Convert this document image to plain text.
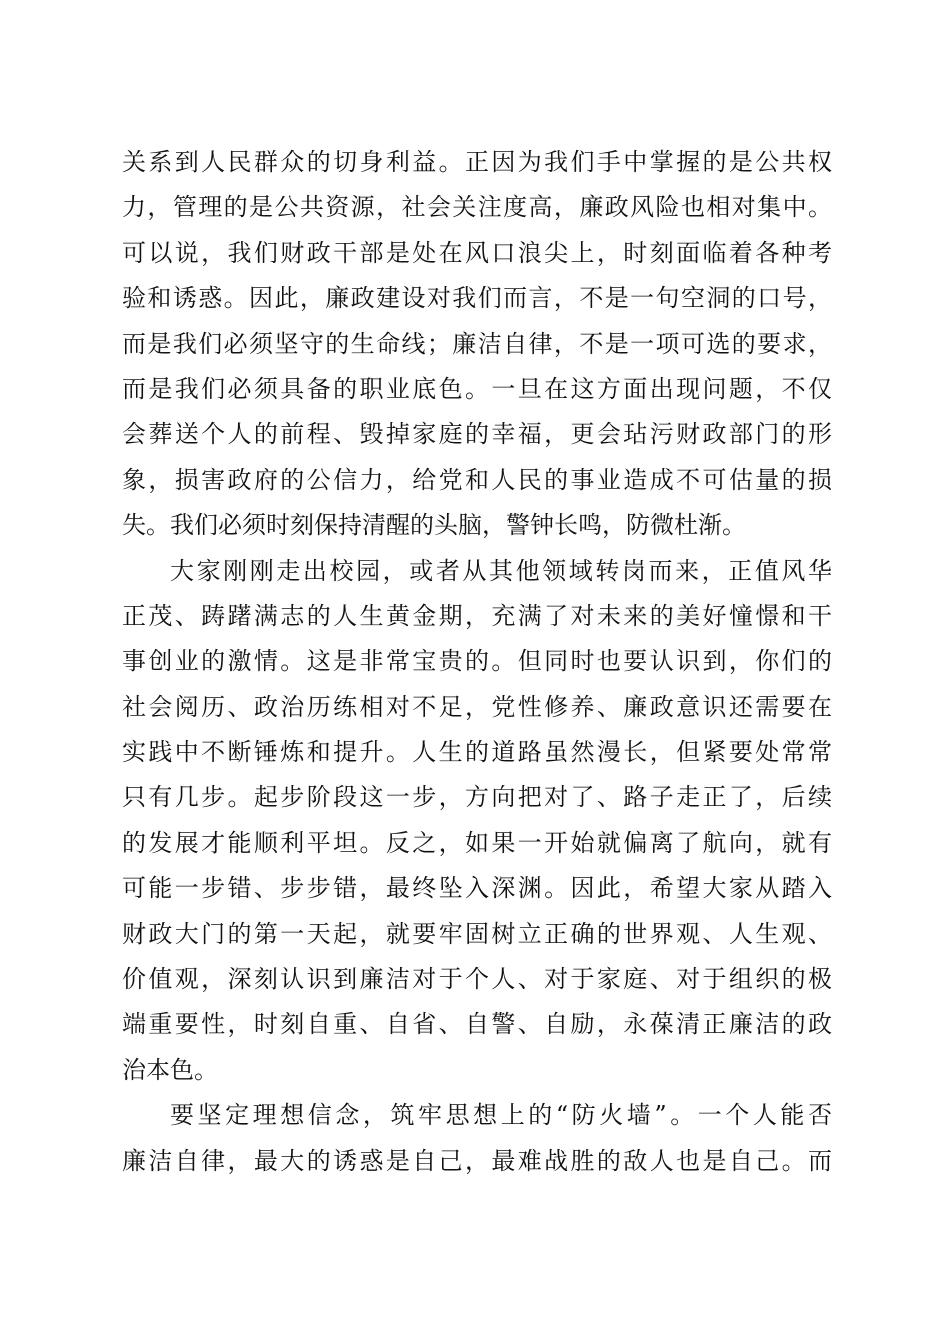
关系到人民群众的切身利益。正因为我们手中掌握的是公共权
力，管理的是公共资源，社会关注度高，廉政风险也相对集中。
可以说，我们财政干部是处在风口浪尖上，时刻面临着各种考
验和诱惑。因此，廉政建设对我们而言，不是一句空洞的口号，
而是我们必须坚守的生命线；廉洁自律，不是一项可选的要求，
而是我们必须具备的职业底色。一旦在这方面出现问题，不仅
会葬送个人的前程、毁掉家庭的幸福，更会玷污财政部门的形
象，损害政府的公信力，给党和人民的事业造成不可估量的损
失。我们必须时刻保持清醒的头脑，警钟长鸣，防微杜渐。
大家刚刚走出校园，或者从其他领域转岗而来，正值风华
正茂、踌躇满志的人生黄金期，充满了对未来的美好憧憬和干
事创业的激情。这是非常宝贵的。但同时也要认识到，你们的
社会阅历、政治历练相对不足，党性修养、廉政意识还需要在
实践中不断锤炼和提升。人生的道路虽然漫长，但紧要处常常
只有几步。起步阶段这一步，方向把对了、路子走正了，后续
的发展才能顺利平坦。反之，如果一开始就偏离了航向，就有
可能一步错、步步错，最终坠入深渊。因此，希望大家从踏入
财政大门的第一天起，就要牢固树立正确的世界观、人生观、
价值观，深刻认识到廉洁对于个人、对于家庭、对于组织的极
端重要性，时刻自重、自省、自警、自励，永葆清正廉洁的政
治本色。
要坚定理想信念，筑牢思想上的“防火墙”。一个人能否
廉洁自律，最大的诱惑是自己，最难战胜的敌人也是自己。而
